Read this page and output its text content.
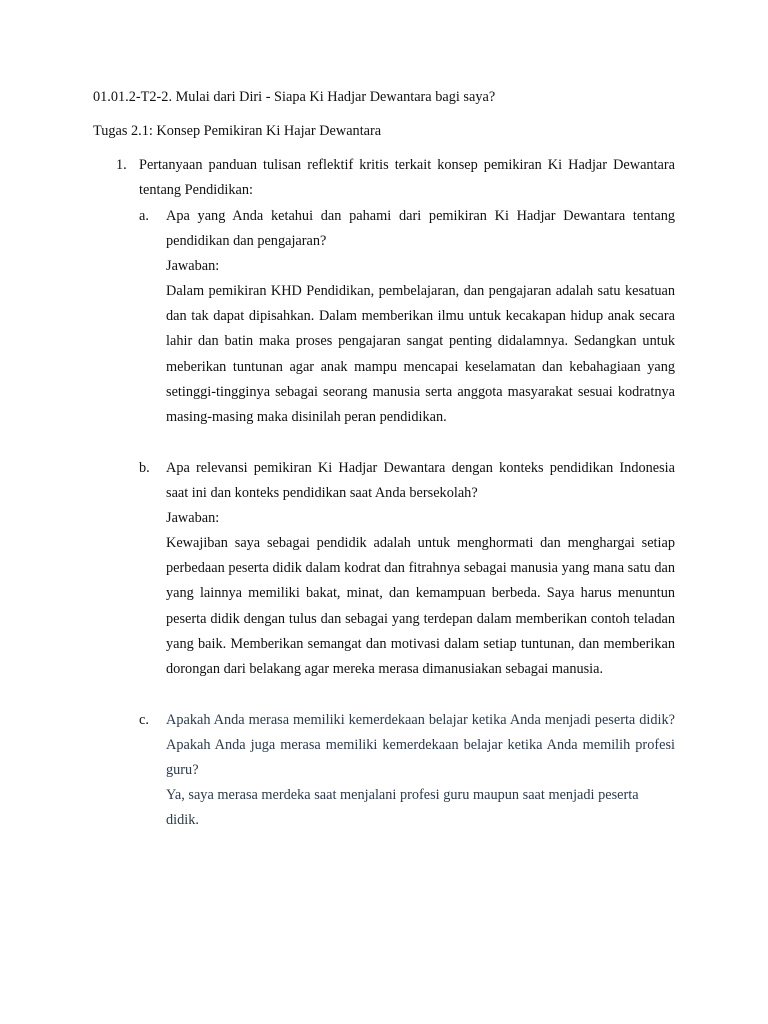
01.01.2-T2-2. Mulai dari Diri - Siapa Ki Hadjar Dewantara bagi saya?
Tugas 2.1: Konsep Pemikiran Ki Hajar Dewantara
1. Pertanyaan panduan tulisan reflektif kritis terkait konsep pemikiran Ki Hadjar Dewantara tentang Pendidikan:

a. Apa yang Anda ketahui dan pahami dari pemikiran Ki Hadjar Dewantara tentang pendidikan dan pengajaran?

Jawaban:

Dalam pemikiran KHD Pendidikan, pembelajaran, dan pengajaran adalah satu kesatuan dan tak dapat dipisahkan. Dalam memberikan ilmu untuk kecakapan hidup anak secara lahir dan batin maka proses pengajaran sangat penting didalamnya. Sedangkan untuk meberikan tuntunan agar anak mampu mencapai keselamatan dan kebahagiaan yang setinggi-tingginya sebagai seorang manusia serta anggota masyarakat sesuai kodratnya masing-masing maka disinilah peran pendidikan.

b. Apa relevansi pemikiran Ki Hadjar Dewantara dengan konteks pendidikan Indonesia saat ini dan konteks pendidikan saat Anda bersekolah?

Jawaban:

Kewajiban saya sebagai pendidik adalah untuk menghormati dan menghargai setiap perbedaan peserta didik dalam kodrat dan fitrahnya sebagai manusia yang mana satu dan yang lainnya memiliki bakat, minat, dan kemampuan berbeda. Saya harus menuntun peserta didik dengan tulus dan sebagai yang terdepan dalam memberikan contoh teladan yang baik. Memberikan semangat dan motivasi dalam setiap tuntunan, dan memberikan dorongan dari belakang agar mereka merasa dimanusiakan sebagai manusia.

c. Apakah Anda merasa memiliki kemerdekaan belajar ketika Anda menjadi peserta didik? Apakah Anda juga merasa memiliki kemerdekaan belajar ketika Anda memilih profesi guru?

Ya, saya merasa merdeka saat menjalani profesi guru maupun saat menjadi peserta didik.
